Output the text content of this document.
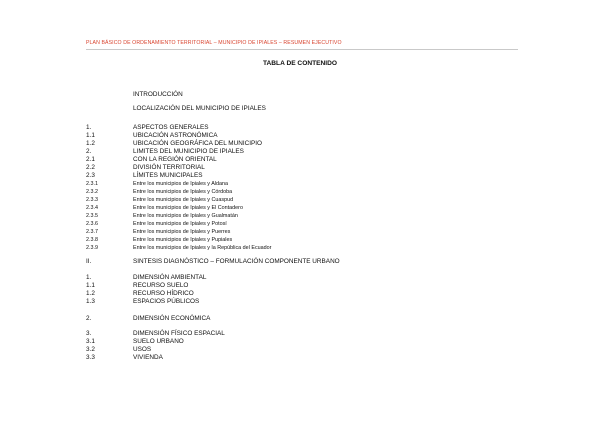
PLAN BÁSICO DE ORDENAMIENTO TERRITORIAL – MUNICIPIO DE IPIALES – RESUMEN EJECUTIVO
TABLA DE CONTENIDO
INTRODUCCIÓN
LOCALIZACIÓN DEL MUNICIPIO DE IPIALES
1.	ASPECTOS GENERALES
1.1	UBICACIÓN ASTRONÓMICA
1.2	UBICACIÓN GEOGRÁFICA DEL MUNICIPIO
2.	LIMITES DEL MUNICIPIO DE IPIALES
2.1	CON LA REGIÓN ORIENTAL
2.2	DIVISIÓN TERRITORIAL
2.3	LÍMITES MUNICIPALES
2.3.1	Entre los municipios de Ipiales y Aldana
2.3.2	Entre los municipios de Ipiales y Córdoba
2.3.3	Entre los municipios de Ipiales y Cuaspud
2.3.4	Entre los municipios de Ipiales y El Contadero
2.3.5	Entre los municipios de Ipiales y Gualmatán
2.3.6	Entre los municipios de Ipiales y Potosí
2.3.7	Entre los municipios de Ipiales y Puerres
2.3.8	Entre los municipios de Ipiales y Pupiales
2.3.9	Entre los municipios de Ipiales y la República del Ecuador
II.	SINTESIS DIAGNÓSTICO – FORMULACIÓN COMPONENTE URBANO
1.	DIMENSIÓN AMBIENTAL
1.1	RECURSO SUELO
1.2	RECURSO HÍDRICO
1.3	ESPACIOS PÚBLICOS
2.	DIMENSIÓN ECONÓMICA
3.	DIMENSIÓN FÍSICO ESPACIAL
3.1	SUELO URBANO
3.2	USOS
3.3	VIVIENDA
